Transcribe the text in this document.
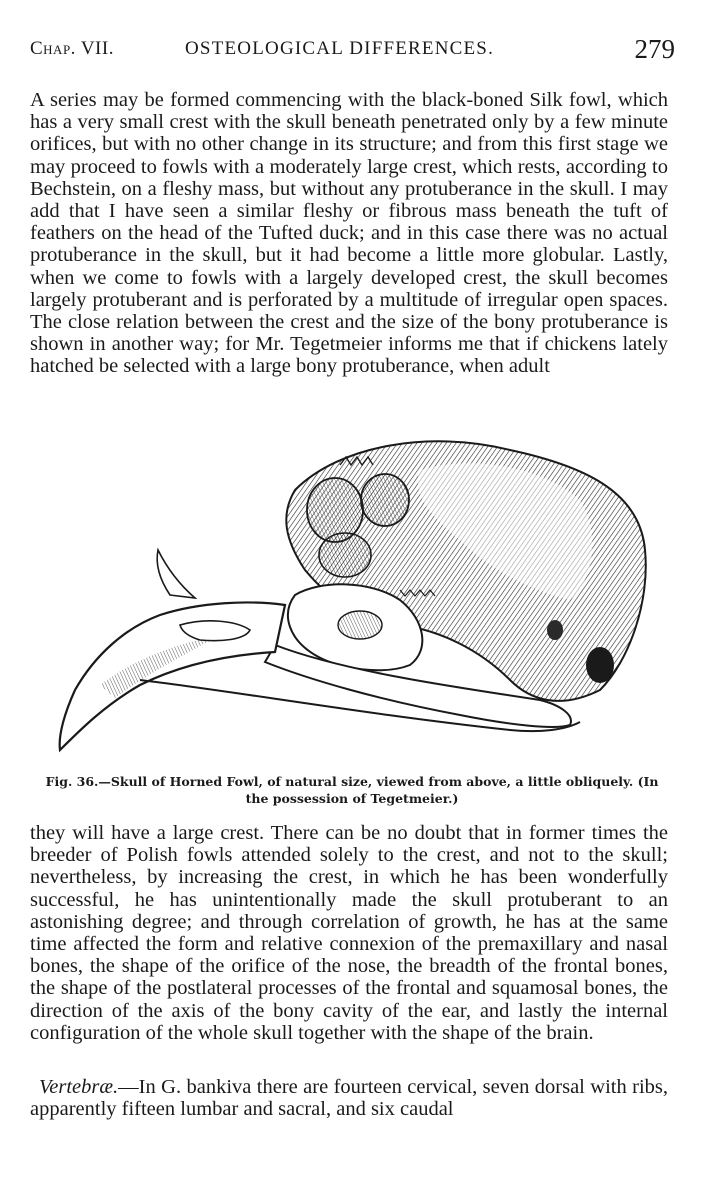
Chap. VII.	OSTEOLOGICAL DIFFERENCES.	279

A series may be formed commencing with the black-boned Silk fowl, which has a very small crest with the skull beneath penetrated only by a few minute orifices, but with no other change in its structure; and from this first stage we may proceed to fowls with a moderately large crest, which rests, according to Bechstein, on a fleshy mass, but without any protuberance in the skull. I may add that I have seen a similar fleshy or fibrous mass beneath the tuft of feathers on the head of the Tufted duck; and in this case there was no actual protuberance in the skull, but it had become a little more globular. Lastly, when we come to fowls with a largely developed crest, the skull becomes largely protuberant and is perforated by a multitude of irregular open spaces. The close relation between the crest and the size of the bony protuberance is shown in another way; for Mr. Tegetmeier informs me that if chickens lately hatched be selected with a large bony protuberance, when adult

Fig. 36.—Skull of Horned Fowl, of natural size, viewed from above, a little obliquely. (In
the possession of Tegetmeier.)

they will have a large crest. There can be no doubt that in former times the breeder of Polish fowls attended solely to the crest, and not to the skull; nevertheless, by increasing the crest, in which he has been wonderfully successful, he has unintentionally made the skull protuberant to an astonishing degree; and through correlation of growth, he has at the same time affected the form and relative connexion of the premaxillary and nasal bones, the shape of the orifice of the nose, the breadth of the frontal bones, the shape of the postlateral processes of the frontal and squamosal bones, the direction of the axis of the bony cavity of the ear, and lastly the internal configuration of the whole skull together with the shape of the brain.

Vertebræ.—In G. bankiva there are fourteen cervical, seven dorsal with ribs, apparently fifteen lumbar and sacral, and six caudal
